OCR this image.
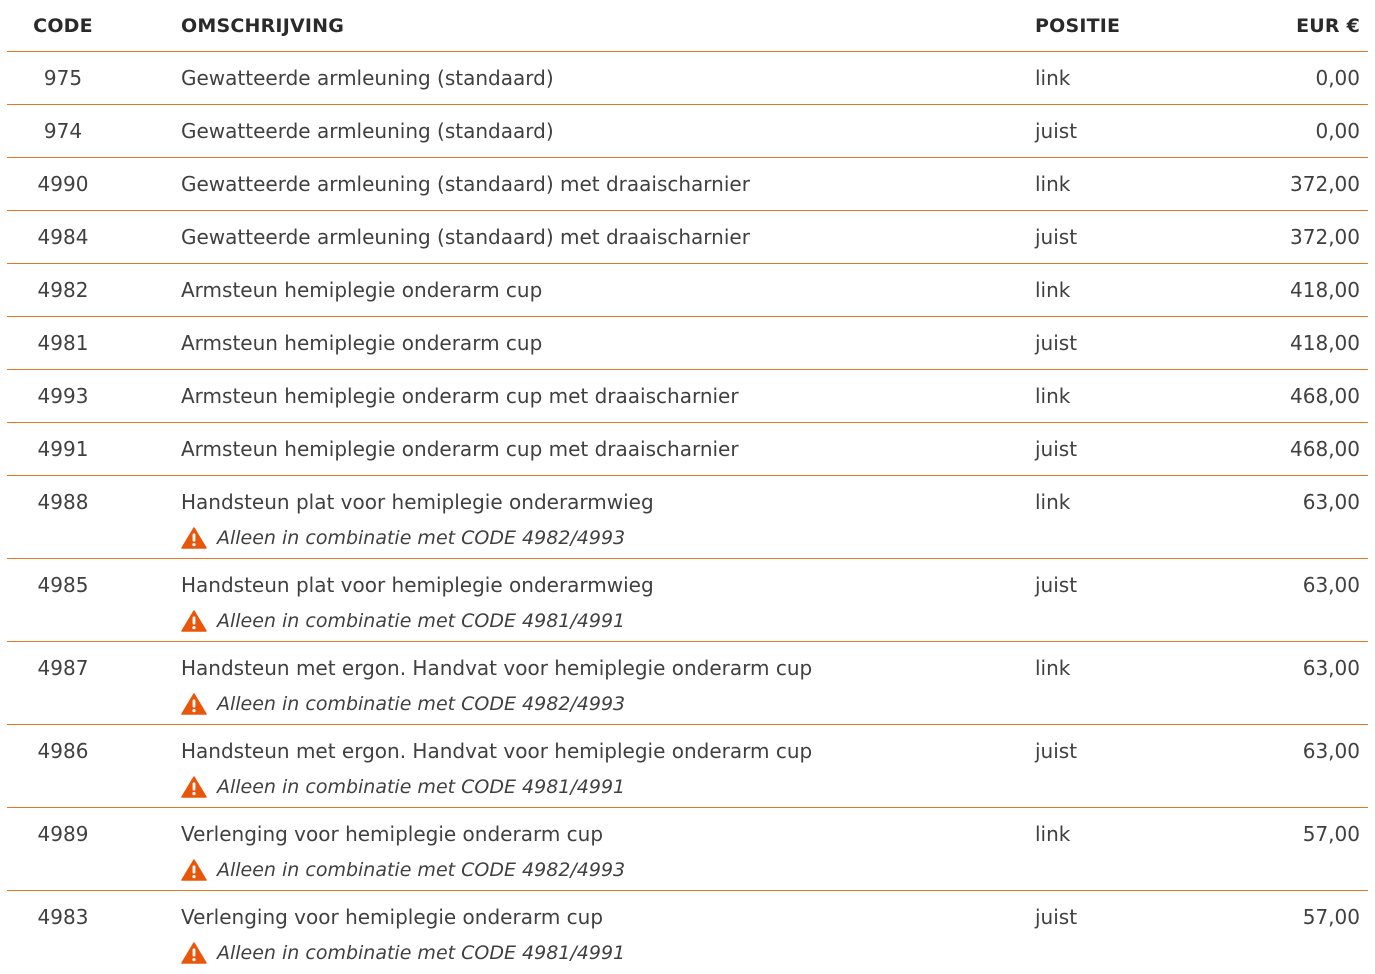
CODE	OMSCHRIJVING	POSITIE	EUR €
975	Gewatteerde armleuning (standaard)	link	0,00
974	Gewatteerde armleuning (standaard)	juist	0,00
4990	Gewatteerde armleuning (standaard) met draaischarnier	link	372,00
4984	Gewatteerde armleuning (standaard) met draaischarnier	juist	372,00
4982	Armsteun hemiplegie onderarm cup	link	418,00
4981	Armsteun hemiplegie onderarm cup	juist	418,00
4993	Armsteun hemiplegie onderarm cup met draaischarnier	link	468,00
4991	Armsteun hemiplegie onderarm cup met draaischarnier	juist	468,00
4988	Handsteun plat voor hemiplegie onderarmwieg	link	63,00
Alleen in combinatie met CODE 4982/4993
4985	Handsteun plat voor hemiplegie onderarmwieg	juist	63,00
Alleen in combinatie met CODE 4981/4991
4987	Handsteun met ergon. Handvat voor hemiplegie onderarm cup	link	63,00
Alleen in combinatie met CODE 4982/4993
4986	Handsteun met ergon. Handvat voor hemiplegie onderarm cup	juist	63,00
Alleen in combinatie met CODE 4981/4991
4989	Verlenging voor hemiplegie onderarm cup	link	57,00
Alleen in combinatie met CODE 4982/4993
4983	Verlenging voor hemiplegie onderarm cup	juist	57,00
Alleen in combinatie met CODE 4981/4991
